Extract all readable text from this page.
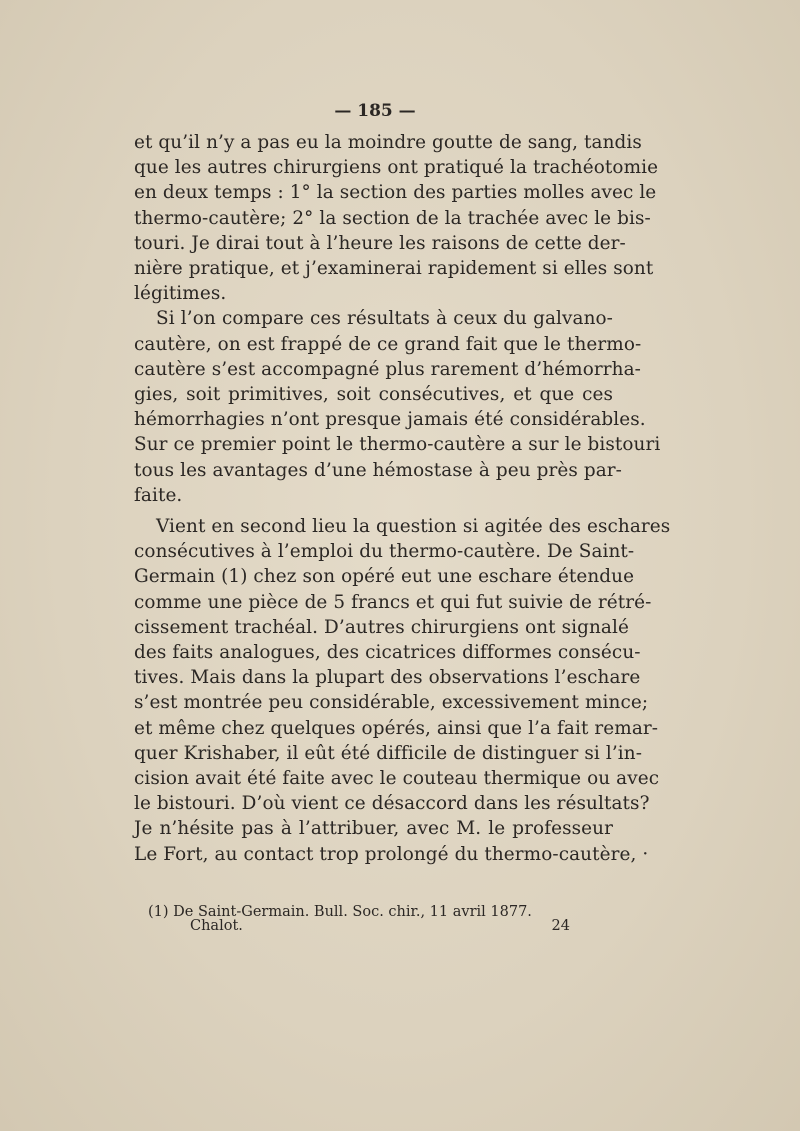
— 185 —
et qu’il n’y a pas eu la moindre goutte de sang, tandis
que les autres chirurgiens ont pratiqué la trachéotomie
en deux temps : 1° la section des parties molles avec le
thermo-cautère; 2° la section de la trachée avec le bis-
touri. Je dirai tout à l’heure les raisons de cette der-
nière pratique, et j’examinerai rapidement si elles sont
légitimes.
Si l’on compare ces résultats à ceux du galvano-
cautère, on est frappé de ce grand fait que le thermo-
cautère s’est accompagné plus rarement d’hémorrha-
gies, soit primitives, soit consécutives, et que ces
hémorrhagies n’ont presque jamais été considérables.
Sur ce premier point le thermo-cautère a sur le bistouri
tous les avantages d’une hémostase à peu près par-
faite.
Vient en second lieu la question si agitée des eschares
consécutives à l’emploi du thermo-cautère. De Saint-
Germain (1) chez son opéré eut une eschare étendue
comme une pièce de 5 francs et qui fut suivie de rétré-
cissement trachéal. D’autres chirurgiens ont signalé
des faits analogues, des cicatrices difformes consécu-
tives. Mais dans la plupart des observations l’eschare
s’est montrée peu considérable, excessivement mince;
et même chez quelques opérés, ainsi que l’a fait remar-
quer Krishaber, il eût été difficile de distinguer si l’in-
cision avait été faite avec le couteau thermique ou avec
le bistouri. D’où vient ce désaccord dans les résultats?
Je n’hésite pas à l’attribuer, avec M. le professeur
Le Fort, au contact trop prolongé du thermo-cautère, ·
(1) De Saint-Germain. Bull. Soc. chir., 11 avril 1877.
Chalot.	24
